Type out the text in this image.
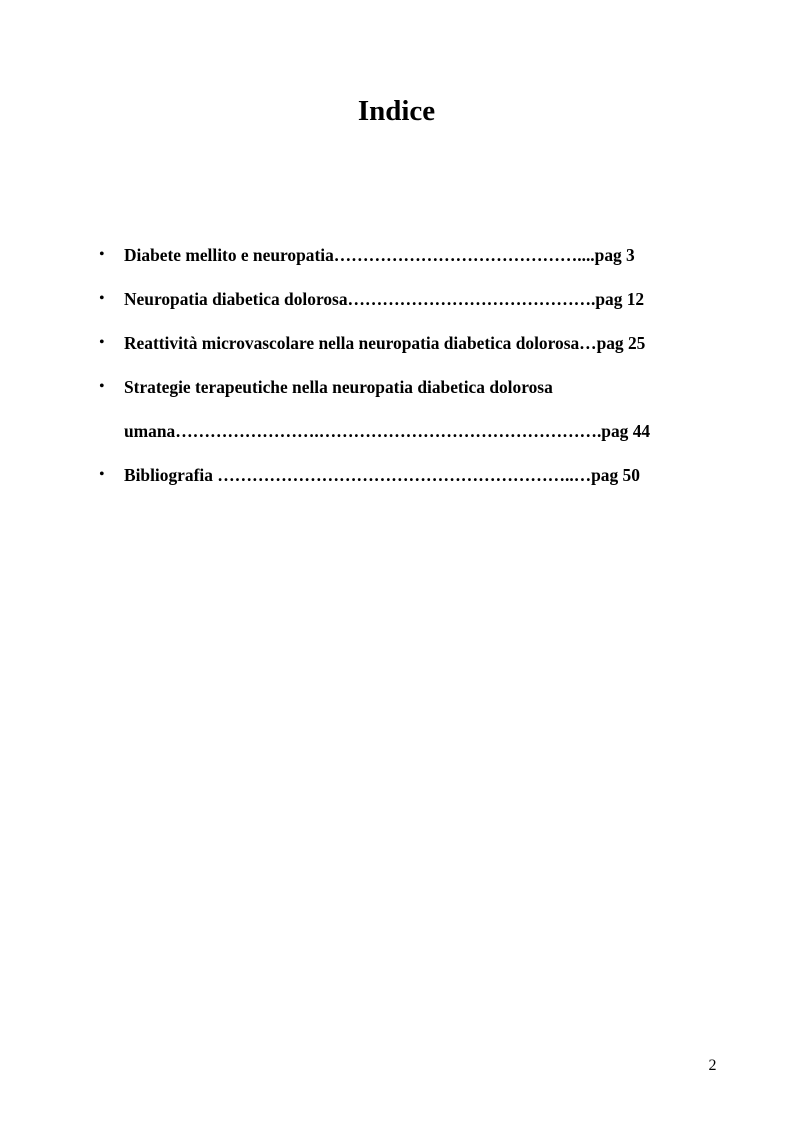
Indice
• Diabete mellito e neuropatia……………………………………....pag 3
• Neuropatia diabetica dolorosa…………………………………….pag 12
• Reattività microvascolare nella neuropatia diabetica dolorosa…pag 25
• Strategie terapeutiche nella neuropatia diabetica dolorosa
umana…………………….………………………………………….pag 44
• Bibliografia ……………………………………………………..…pag 50
2
